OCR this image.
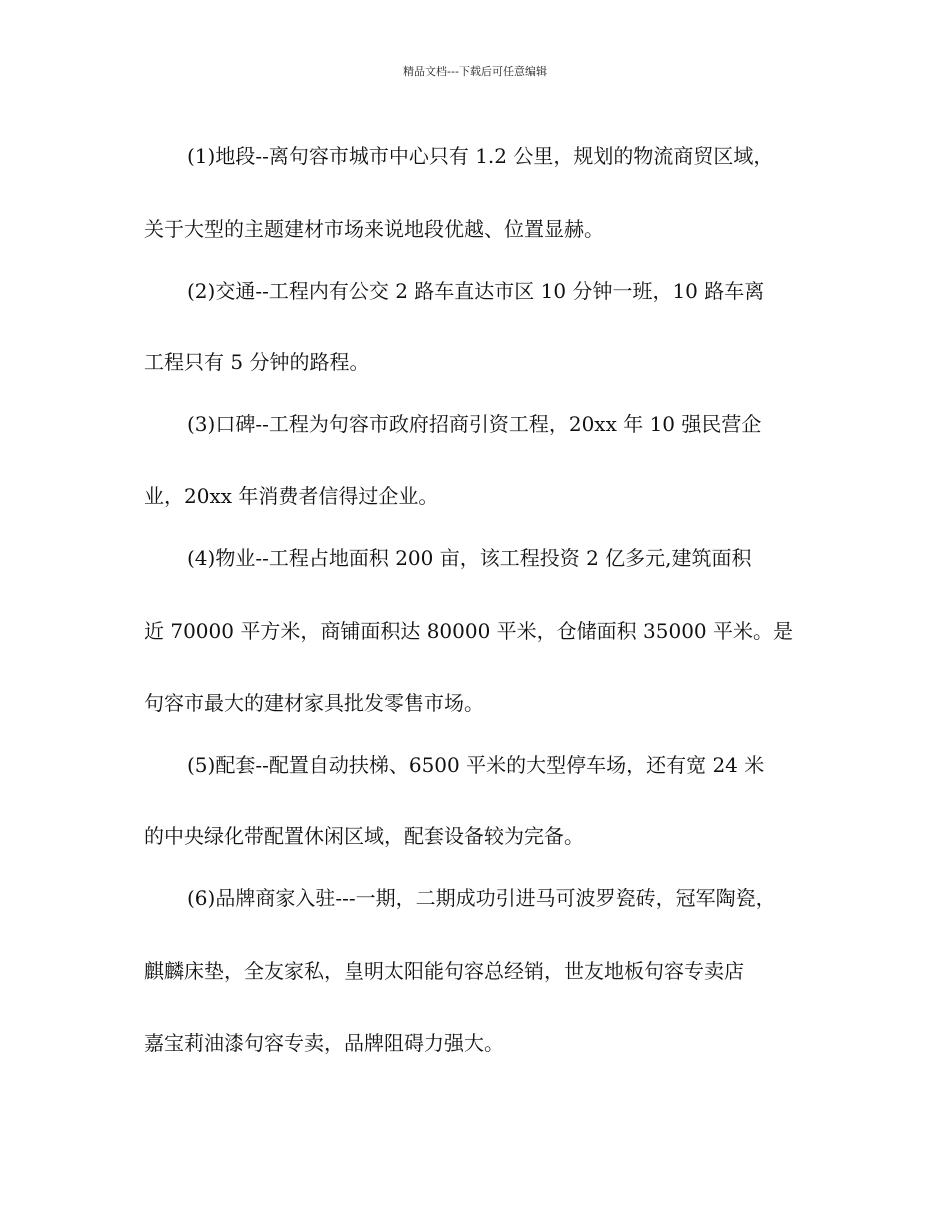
精品文档---下载后可任意编辑
(1)地段--离句容市城市中心只有 1.2 公里，规划的物流商贸区域，
关于大型的主题建材市场来说地段优越、位置显赫。
(2)交通--工程内有公交 2 路车直达市区 10 分钟一班，10 路车离
工程只有 5 分钟的路程。
(3)口碑--工程为句容市政府招商引资工程，20xx 年 10 强民营企
业，20xx 年消费者信得过企业。
(4)物业--工程占地面积 200 亩，该工程投资 2 亿多元,建筑面积
近 70000 平方米，商铺面积达 80000 平米，仓储面积 35000 平米。是
句容市最大的建材家具批发零售市场。
(5)配套--配置自动扶梯、6500 平米的大型停车场，还有宽 24 米
的中央绿化带配置休闲区域，配套设备较为完备。
(6)品牌商家入驻---一期，二期成功引进马可波罗瓷砖，冠军陶瓷，
麒麟床垫，全友家私，皇明太阳能句容总经销，世友地板句容专卖店
嘉宝莉油漆句容专卖，品牌阻碍力强大。
